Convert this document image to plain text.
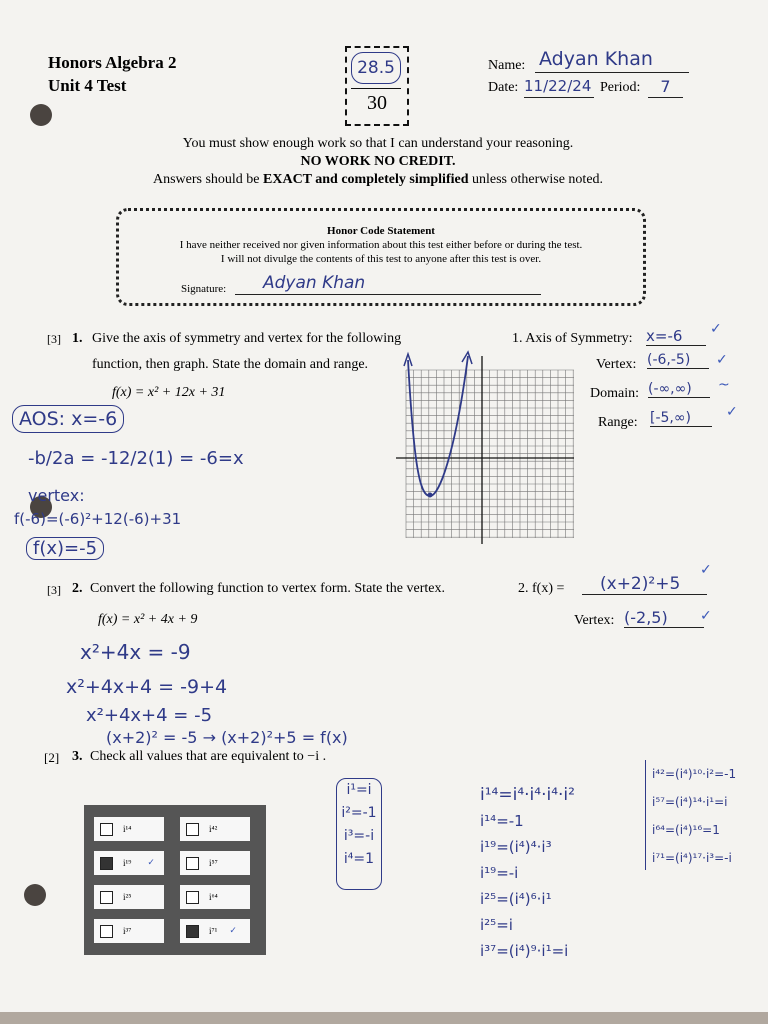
Honors Algebra 2
Unit 4 Test
28.5
30
Name: Adyan Khan
Date: 11/22/24 Period:	7
You must show enough work so that I can understand your reasoning.
NO WORK NO CREDIT.
Answers should be EXACT and completely simplified unless otherwise noted.
Honor Code Statement
I have neither received nor given information about this test either before or during the test.
I will not divulge the contents of this test to anyone after this test is over.
Signature:	Adyan Khan
[3] 1. Give the axis of symmetry and vertex for the following
function, then graph. State the domain and range.
f(x) = x² + 12x + 31
1. Axis of Symmetry: x=-6	✓
Vertex: (-6,-5)	✓
Domain: (-∞,∞)	~
Range: [-5,∞)	✓
AOS: x=-6
-b/2a = -12/2(1) = -6=x
vertex:
f(-6)=(-6)²+12(-6)+31
f(x)=-5
[3] 2. Convert the following function to vertex form. State the vertex.
f(x) = x² + 4x + 9
2. f(x) =	(x+2)²+5
✓
Vertex: (-2,5)	✓
x²+4x = -9
x²+4x+4 = -9+4
x²+4x+4 = -5
(x+2)² = -5 → (x+2)²+5 = f(x)
[2] 3. Check all values that are equivalent to −i .
i¹⁴	i⁴²
i¹⁹ ✓	i⁵⁷
i²⁵	i⁶⁴
i³⁷	i⁷¹ ✓
i¹=i
i²=-1
i³=-i
i⁴=1
i¹⁴=i⁴·i⁴·i⁴·i²
i¹⁴=-1
i¹⁹=(i⁴)⁴·i³
i¹⁹=-i
i²⁵=(i⁴)⁶·i¹
i²⁵=i
i³⁷=(i⁴)⁹·i¹=i
i⁴²=(i⁴)¹⁰·i²=-1
i⁵⁷=(i⁴)¹⁴·i¹=i
i⁶⁴=(i⁴)¹⁶=1
i⁷¹=(i⁴)¹⁷·i³=-i
